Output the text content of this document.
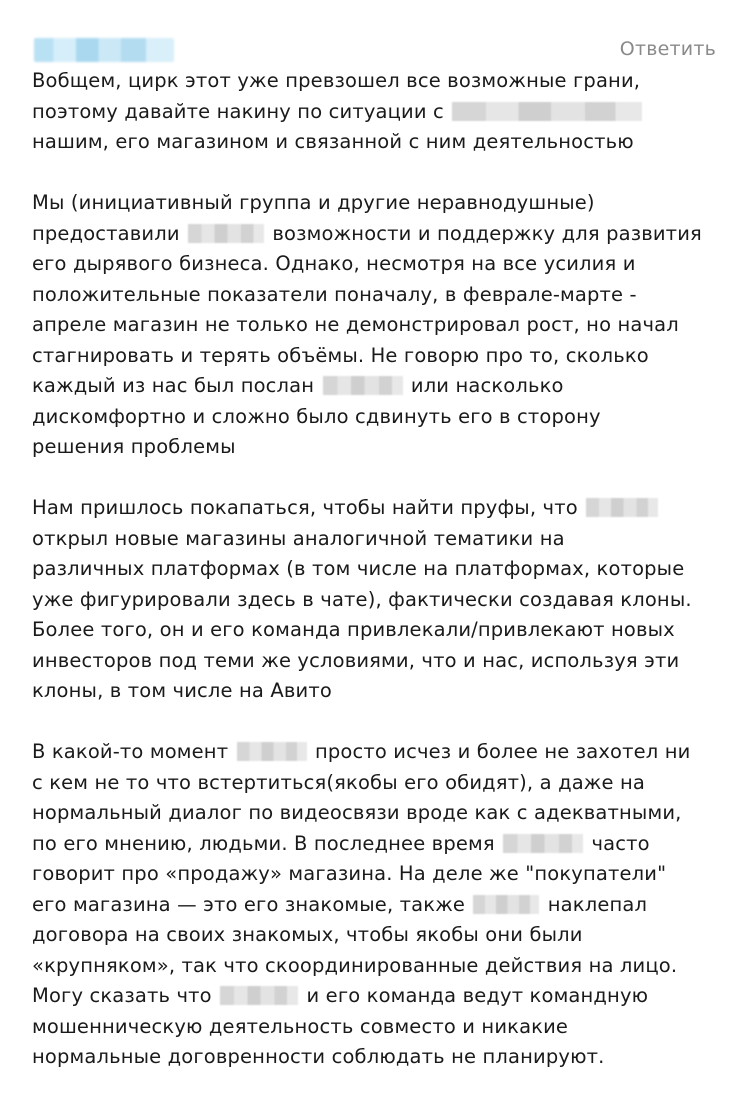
Ответить
Вобщем, цирк этот уже превзошел все возможные грани,
поэтому давайте накину по ситуации с
нашим, его магазином и связанной с ним деятельностью
Мы (инициативный группа и другие неравнодушные)
предоставили	возможности и поддержку для развития
его дырявого бизнеса. Однако, несмотря на все усилия и
положительные показатели поначалу, в феврале-марте -
апреле магазин не только не демонстрировал рост, но начал
стагнировать и терять объёмы. Не говорю про то, сколько
каждый из нас был послан	или насколько
дискомфортно и сложно было сдвинуть его в сторону
решения проблемы
Нам пришлось покапаться, чтобы найти пруфы, что
открыл новые магазины аналогичной тематики на
различных платформах (в том числе на платформах, которые
уже фигурировали здесь в чате), фактически создавая клоны.
Более того, он и его команда привлекали/привлекают новых
инвесторов под теми же условиями, что и нас, используя эти
клоны, в том числе на Авито
В какой-то момент	просто исчез и более не захотел ни
с кем не то что встертиться(якобы его обидят), а даже на
нормальный диалог по видеосвязи вроде как с адекватными,
по его мнению, людьми. В последнее время	часто
говорит про «продажу» магазина. На деле же "покупатели"
его магазина — это его знакомые, также	наклепал
договора на своих знакомых, чтобы якобы они были
«крупняком», так что скоординированные действия на лицо.
Могу сказать что	и его команда ведут командную
мошенническую деятельность совместо и никакие
нормальные договренности соблюдать не планируют.
